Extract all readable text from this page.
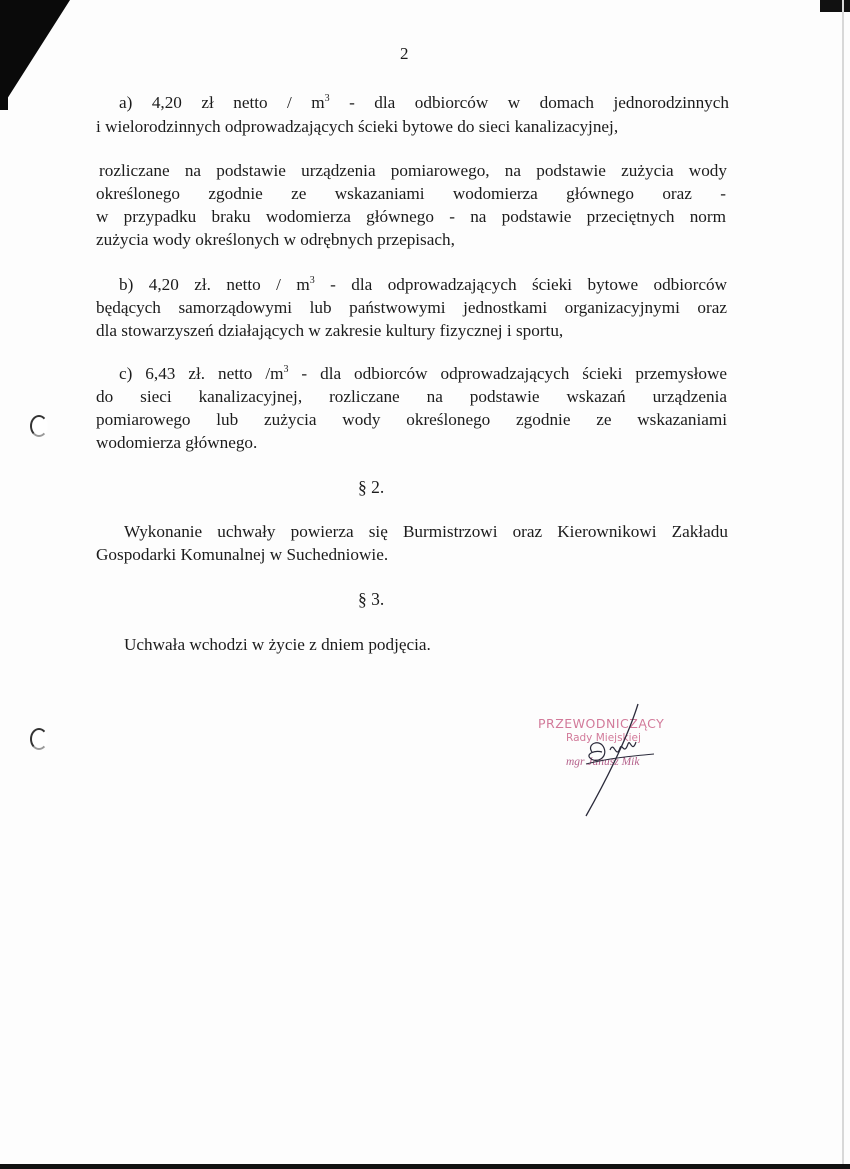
2
a) 4,20 zł netto / $m^3$ - dla odbiorców w domach jednorodzinnych
i wielorodzinnych odprowadzających ścieki bytowe do sieci kanalizacyjnej,
rozliczane na podstawie urządzenia pomiarowego, na podstawie zużycia wody
określonego zgodnie ze wskazaniami wodomierza głównego oraz -
w przypadku braku wodomierza głównego - na podstawie przeciętnych norm
zużycia wody określonych w odrębnych przepisach,
b) 4,20 zł. netto / $m^3$ - dla odprowadzających ścieki bytowe odbiorców
będących samorządowymi lub państwowymi jednostkami organizacyjnymi oraz
dla stowarzyszeń działających w zakresie kultury fizycznej i sportu,
c) 6,43 zł. netto $/m^3$ - dla odbiorców odprowadzających ścieki przemysłowe
do sieci kanalizacyjnej, rozliczane na podstawie wskazań urządzenia
pomiarowego lub zużycia wody określonego zgodnie ze wskazaniami
wodomierza głównego.
§ 2.
Wykonanie uchwały powierza się Burmistrzowi oraz Kierownikowi Zakładu
Gospodarki Komunalnej w Suchedniowie.
§ 3.
Uchwała wchodzi w życie z dniem podjęcia.
PRZEWODNICZĄCY
Rady Miejskiej
mgr Janusz Mik
